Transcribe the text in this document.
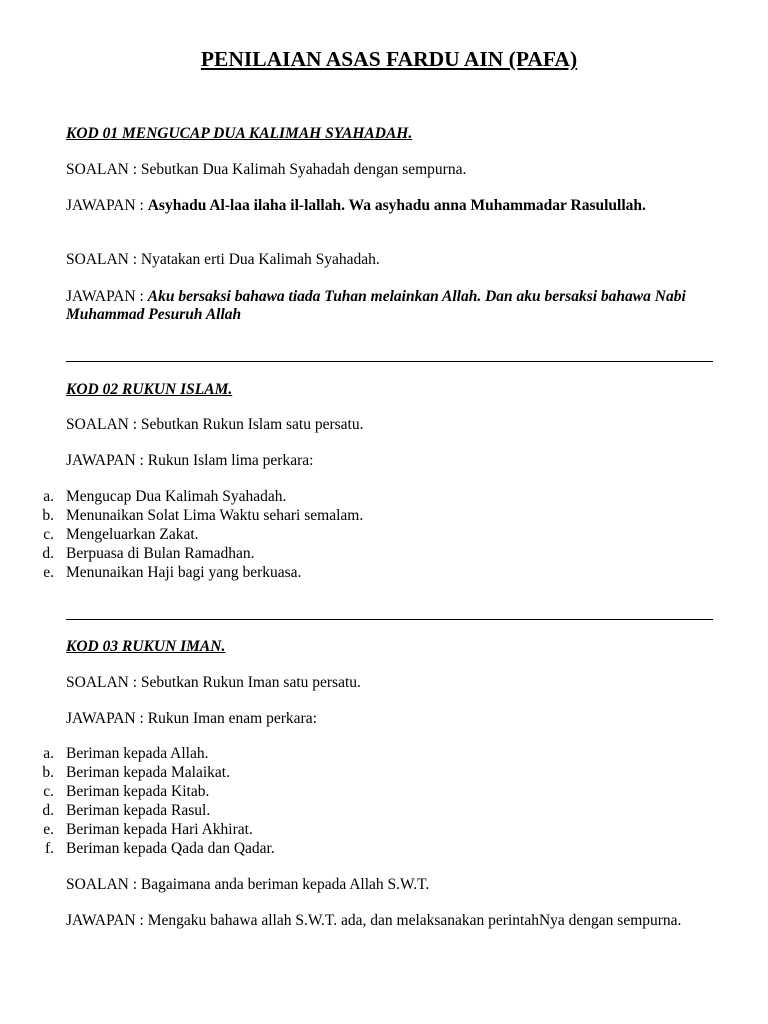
PENILAIAN ASAS FARDU AIN (PAFA)
KOD 01 MENGUCAP DUA KALIMAH SYAHADAH.
SOALAN : Sebutkan Dua Kalimah Syahadah dengan sempurna.
JAWAPAN : Asyhadu Al-laa ilaha il-lallah. Wa asyhadu anna Muhammadar Rasulullah.
SOALAN : Nyatakan erti Dua Kalimah Syahadah.
JAWAPAN : Aku bersaksi bahawa tiada Tuhan melainkan Allah. Dan aku bersaksi bahawa Nabi Muhammad Pesuruh Allah
KOD 02 RUKUN ISLAM.
SOALAN : Sebutkan Rukun Islam satu persatu.
JAWAPAN : Rukun Islam lima perkara:
a. Mengucap Dua Kalimah Syahadah.
b. Menunaikan Solat Lima Waktu sehari semalam.
c. Mengeluarkan Zakat.
d. Berpuasa di Bulan Ramadhan.
e. Menunaikan Haji bagi yang berkuasa.
KOD 03 RUKUN IMAN.
SOALAN : Sebutkan Rukun Iman satu persatu.
JAWAPAN : Rukun Iman enam perkara:
a. Beriman kepada Allah.
b. Beriman kepada Malaikat.
c. Beriman kepada Kitab.
d. Beriman kepada Rasul.
e. Beriman kepada Hari Akhirat.
f. Beriman kepada Qada dan Qadar.
SOALAN : Bagaimana anda beriman kepada Allah S.W.T.
JAWAPAN : Mengaku bahawa allah S.W.T. ada, dan melaksanakan perintahNya dengan sempurna.
